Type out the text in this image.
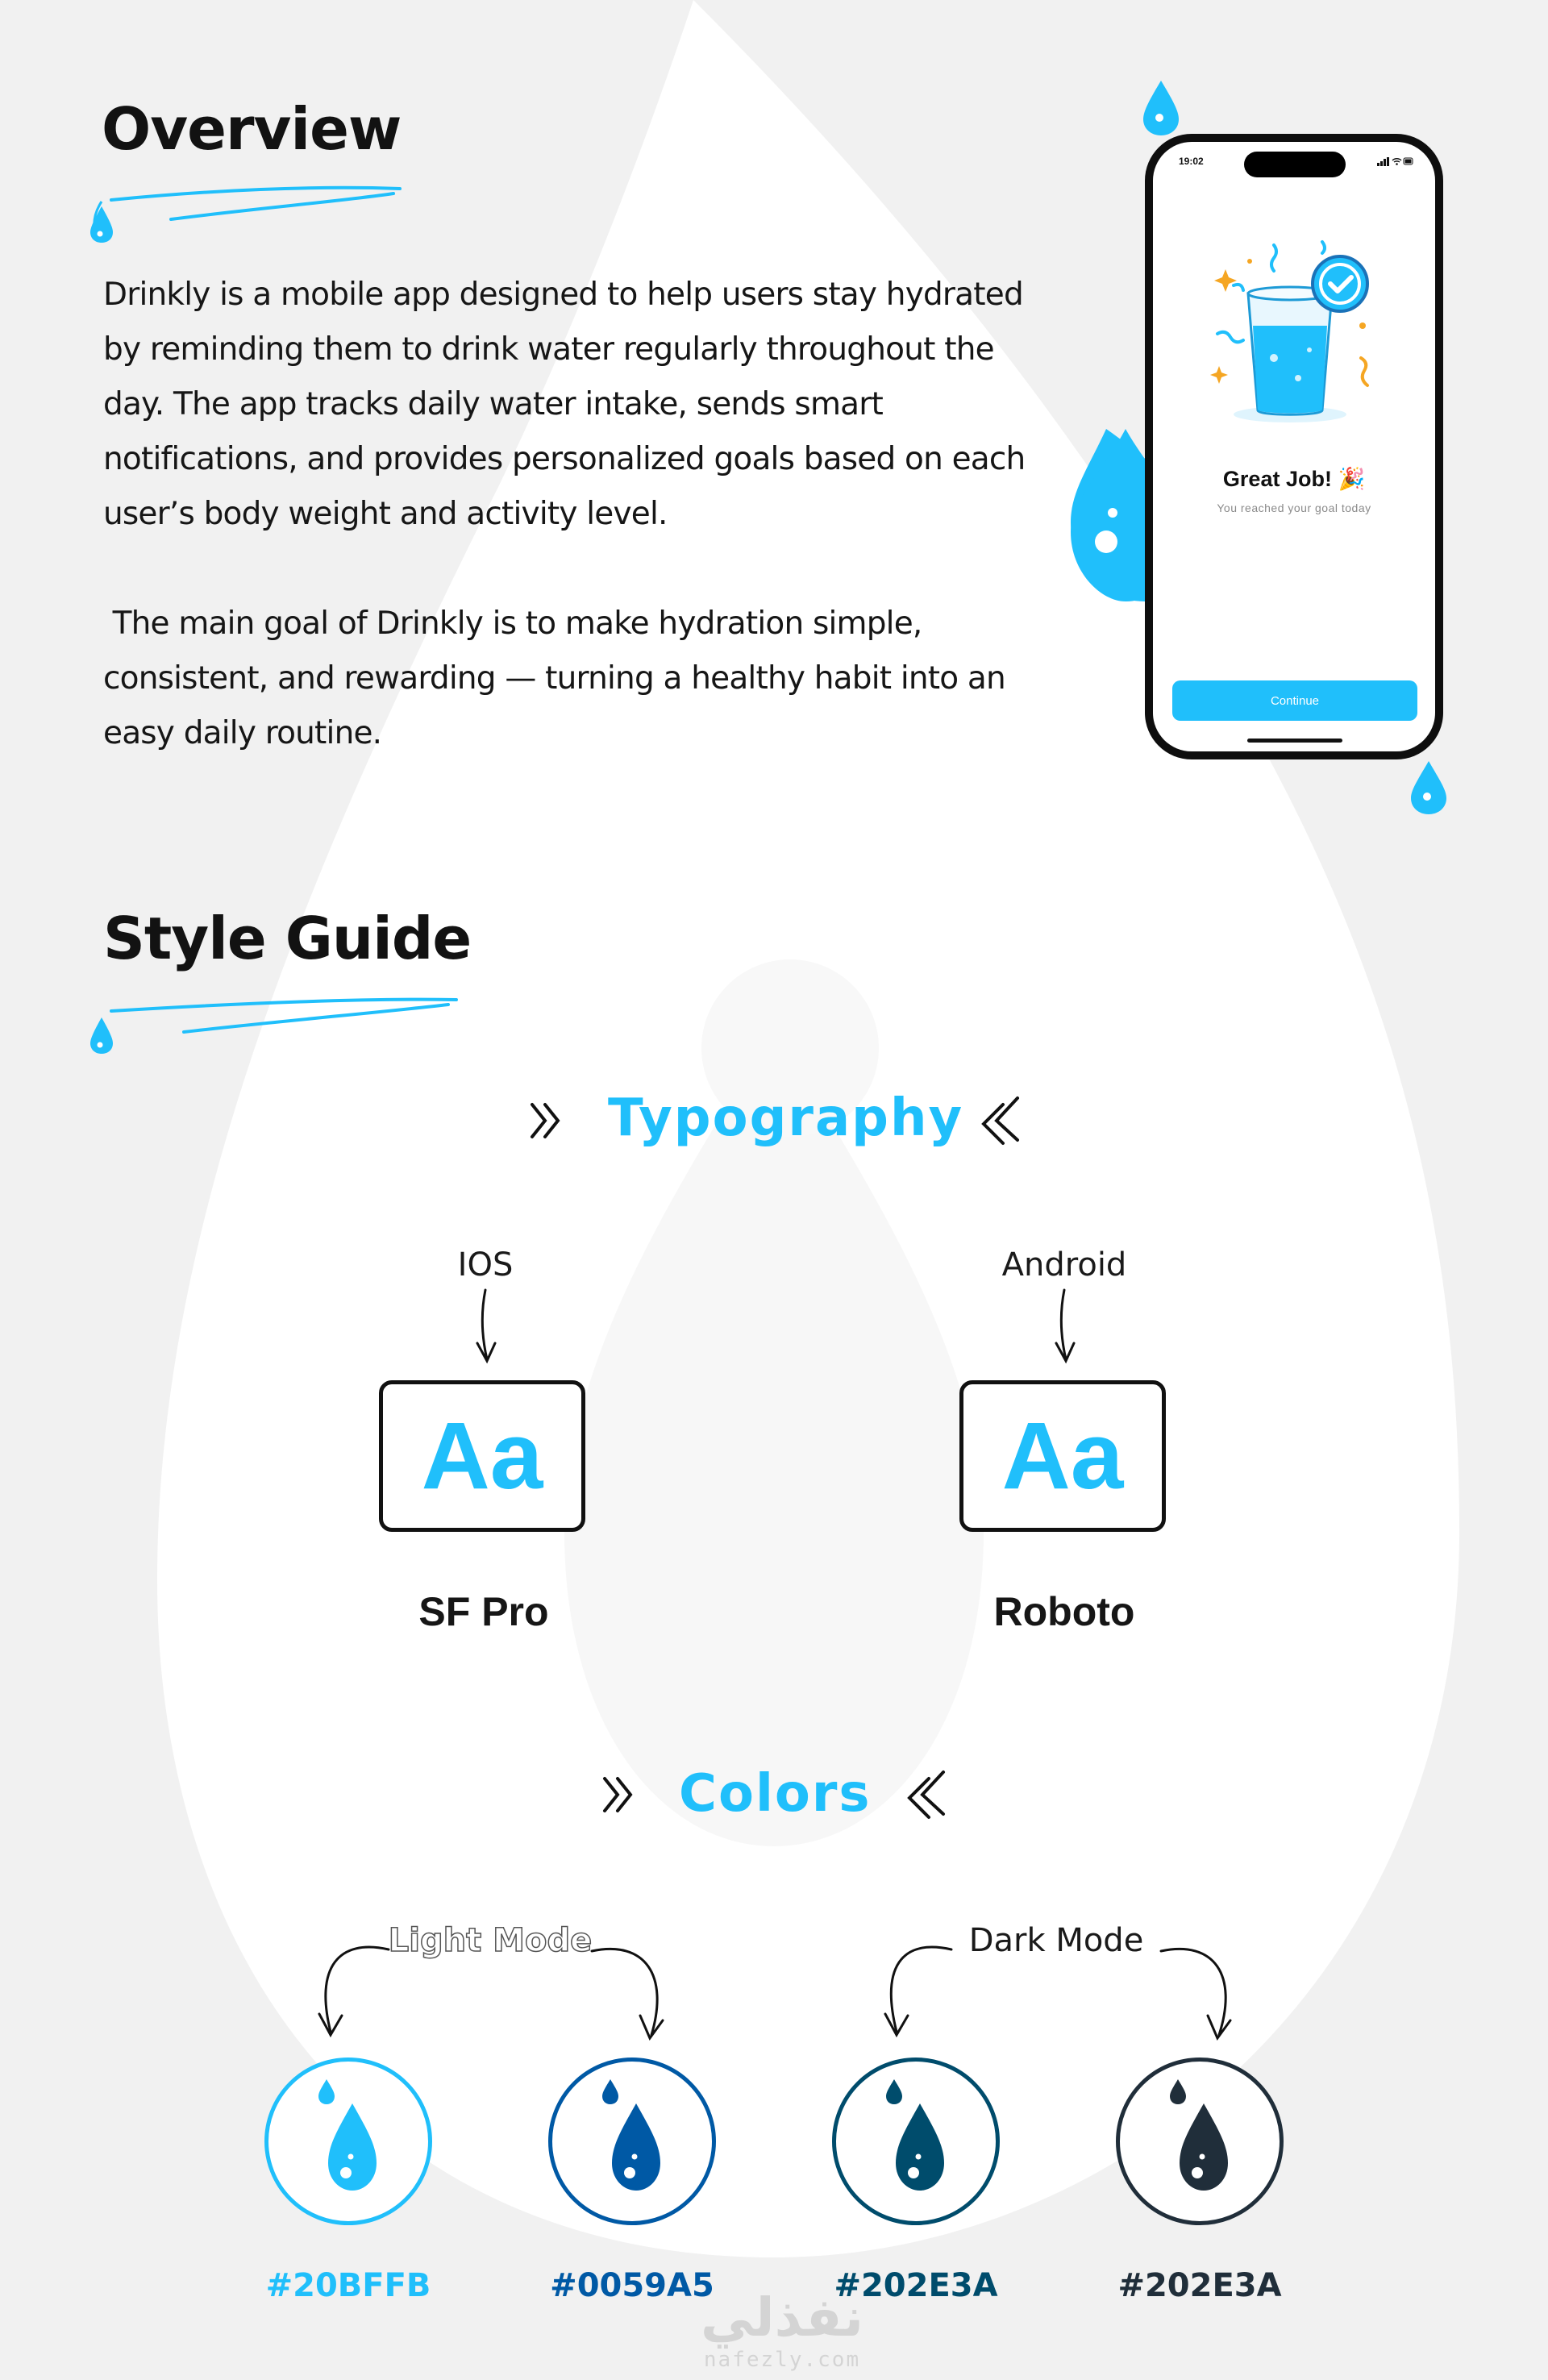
Overview

Drinkly is a mobile app designed to help users stay hydrated
by reminding them to drink water regularly throughout the
day. The app tracks daily water intake, sends smart
notifications, and provides personalized goals based on each
user’s body weight and activity level.

The main goal of Drinkly is to make hydration simple,
consistent, and rewarding — turning a healthy habit into an
easy daily routine.

19:02
Great Job! 🎉
You reached your goal today
Continue
Style Guide
Typography
IOS
Aa
SF Pro
Android
Aa
Roboto
Colors
Light Mode	Dark Mode
#20BFFB	#0059A5	#202E3A	#202E3A
نفذلي
nafezly.com
